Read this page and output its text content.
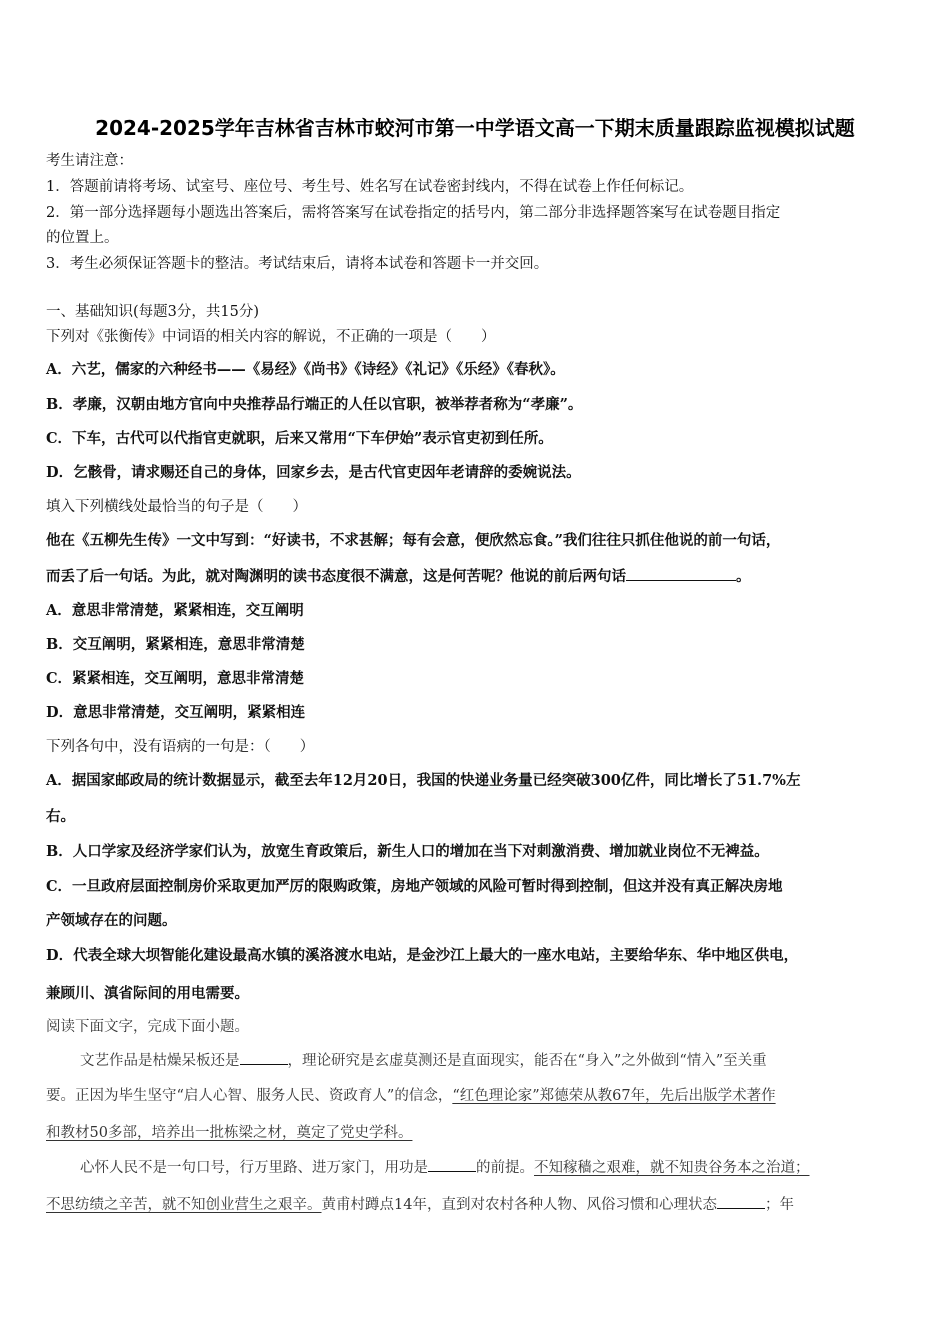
2024-2025学年吉林省吉林市蛟河市第一中学语文高一下期末质量跟踪监视模拟试题
考生请注意：
1．答题前请将考场、试室号、座位号、考生号、姓名写在试卷密封线内，不得在试卷上作任何标记。
2．第一部分选择题每小题选出答案后，需将答案写在试卷指定的括号内，第二部分非选择题答案写在试卷题目指定
的位置上。
3．考生必须保证答题卡的整洁。考试结束后，请将本试卷和答题卡一并交回。
一、基础知识(每题3分，共15分)
下列对《张衡传》中词语的相关内容的解说，不正确的一项是（　　）
A．六艺，儒家的六种经书——《易经》《尚书》《诗经》《礼记》《乐经》《春秋》。
B．孝廉，汉朝由地方官向中央推荐品行端正的人任以官职，被举荐者称为“孝廉”。
C．下车，古代可以代指官吏就职，后来又常用“下车伊始”表示官吏初到任所。
D．乞骸骨，请求赐还自己的身体，回家乡去，是古代官吏因年老请辞的委婉说法。
填入下列横线处最恰当的句子是（　　）
他在《五柳先生传》一文中写到：“好读书，不求甚解；每有会意，便欣然忘食。”我们往往只抓住他说的前一句话，
而丢了后一句话。为此，就对陶渊明的读书态度很不满意，这是何苦呢？他说的前后两句话	。
A．意思非常清楚，紧紧相连，交互阐明
B．交互阐明，紧紧相连，意思非常清楚
C．紧紧相连，交互阐明，意思非常清楚
D．意思非常清楚，交互阐明，紧紧相连
下列各句中，没有语病的一句是：（　　）
A．据国家邮政局的统计数据显示，截至去年12月20日，我国的快递业务量已经突破300亿件，同比增长了51.7%左
右。
B．人口学家及经济学家们认为，放宽生育政策后，新生人口的增加在当下对刺激消费、增加就业岗位不无裨益。
C．一旦政府层面控制房价采取更加严厉的限购政策，房地产领域的风险可暂时得到控制，但这并没有真正解决房地
产领域存在的问题。
D．代表全球大坝智能化建设最高水镇的溪洛渡水电站，是金沙江上最大的一座水电站，主要给华东、华中地区供电，
兼顾川、滇省际间的用电需要。
阅读下面文字，完成下面小题。
文艺作品是枯燥呆板还是	，理论研究是玄虚莫测还是直面现实，能否在“身入”之外做到“情入”至关重
要。正因为毕生坚守“启人心智、服务人民、资政育人”的信念，“红色理论家”郑德荣从教67年，先后出版学术著作
和教材50多部，培养出一批栋梁之材，奠定了党史学科。
心怀人民不是一句口号，行万里路、进万家门，用功是	的前提。不知稼穑之艰难，就不知贵谷务本之治道；
不思纺绩之辛苦，就不知创业营生之艰辛。黄甫村蹲点14年，直到对农村各种人物、风俗习惯和心理状态	；年
